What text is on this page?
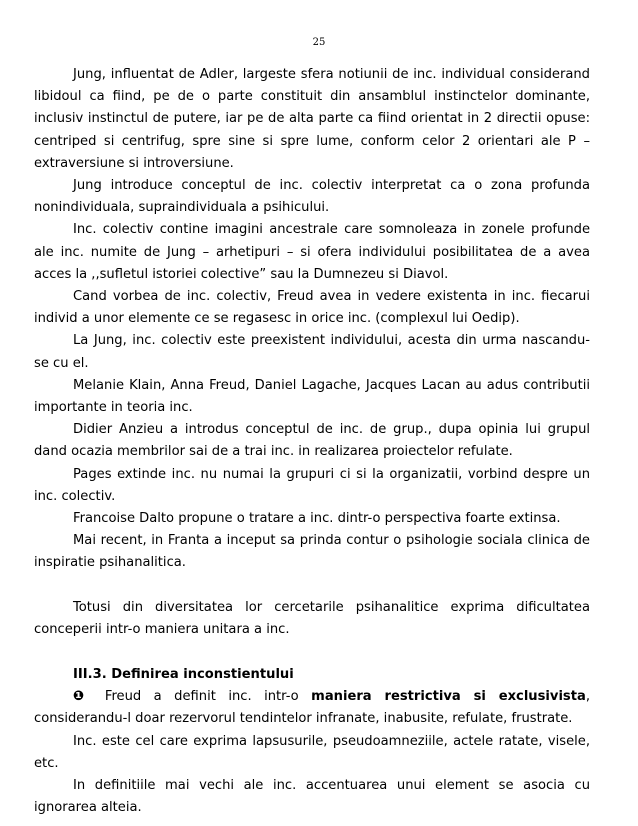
25

Jung, influentat de Adler, largeste sfera notiunii de inc. individual considerand libidoul ca fiind, pe de o parte constituit din ansamblul instinctelor dominante, inclusiv instinctul de putere, iar pe de alta parte ca fiind orientat in 2 directii opuse: centriped si centrifug, spre sine si spre lume, conform celor 2 orientari ale P – extraversiune si introversiune.

Jung introduce conceptul de inc. colectiv interpretat ca o zona profunda nonindividuala, supraindividuala a psihicului.

Inc. colectiv contine imagini ancestrale care somnoleaza in zonele profunde ale inc. numite de Jung – arhetipuri – si ofera individului posibilitatea de a avea acces la ,,sufletul istoriei colective” sau la Dumnezeu si Diavol.

Cand vorbea de inc. colectiv, Freud avea in vedere existenta in inc. fiecarui individ a unor elemente ce se regasesc in orice inc. (complexul lui Oedip).

La Jung, inc. colectiv este preexistent individului, acesta din urma nascandu-se cu el.

Melanie Klain, Anna Freud, Daniel Lagache, Jacques Lacan au adus contributii importante in teoria inc.

Didier Anzieu a introdus conceptul de inc. de grup., dupa opinia lui grupul dand ocazia membrilor sai de a trai inc. in realizarea proiectelor refulate.

Pages extinde inc. nu numai la grupuri ci si la organizatii, vorbind despre un inc. colectiv.

Francoise Dalto propune o tratare a inc. dintr-o perspectiva foarte extinsa.

Mai recent, in Franta a inceput sa prinda contur o psihologie sociala clinica de inspiratie psihanalitica.

Totusi din diversitatea lor cercetarile psihanalitice exprima dificultatea conceperii intr-o maniera unitara a inc.

III.3. Definirea inconstientului

❶ Freud a definit inc. intr-o maniera restrictiva si exclusivista, considerandu-l doar rezervorul tendintelor infranate, inabusite, refulate, frustrate.

Inc. este cel care exprima lapsusurile, pseudoamneziile, actele ratate, visele, etc.

In definitiile mai vechi ale inc. accentuarea unui element se asocia cu ignorarea alteia.
